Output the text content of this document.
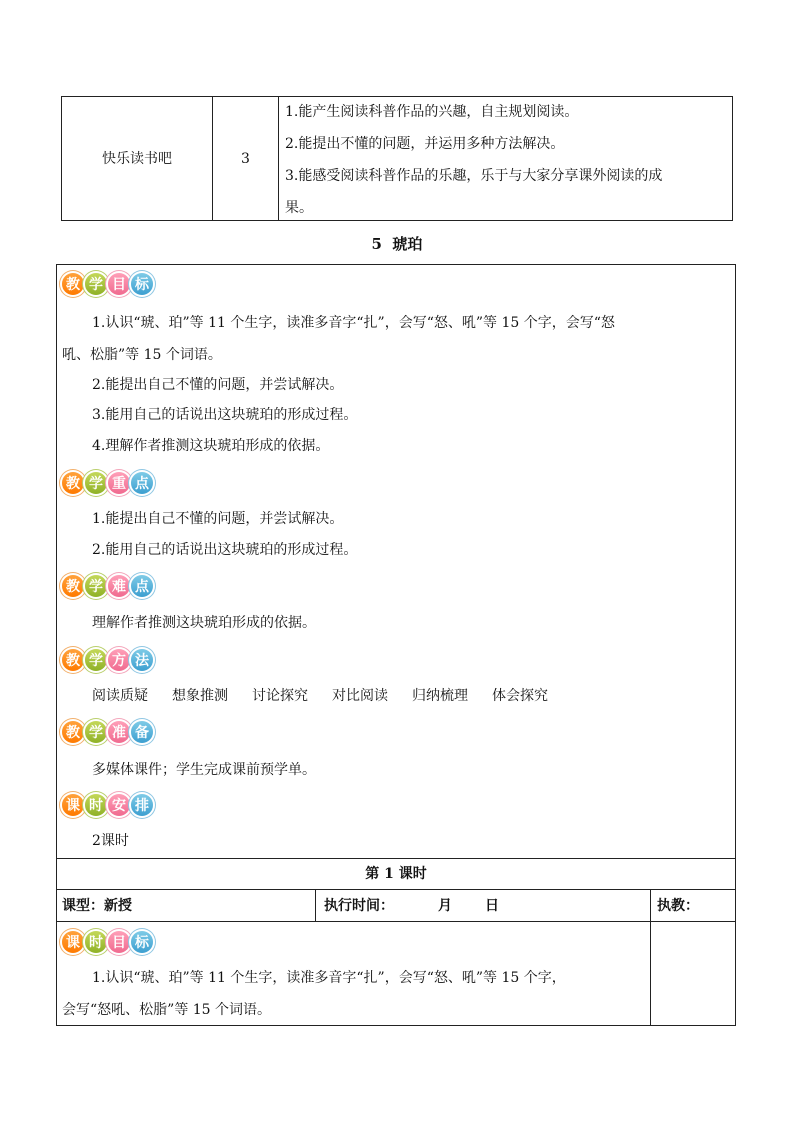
快乐读书吧	3
1.能产生阅读科普作品的兴趣，自主规划阅读。
2.能提出不懂的问题，并运用多种方法解决。
3.能感受阅读科普作品的乐趣，乐于与大家分享课外阅读的成
果。
5  琥珀
教 学 目 标
1.认识“琥、珀”等 11 个生字，读准多音字“扎”，会写“怒、吼”等 15 个字，会写“怒
吼、松脂”等 15 个词语。
2.能提出自己不懂的问题，并尝试解决。
3.能用自己的话说出这块琥珀的形成过程。
4.理解作者推测这块琥珀形成的依据。
教 学 重 点
1.能提出自己不懂的问题，并尝试解决。
2.能用自己的话说出这块琥珀的形成过程。
教 学 难 点
理解作者推测这块琥珀形成的依据。
教 学 方 法
阅读质疑 想象推测 讨论探究 对比阅读 归纳梳理 体会探究
教 学 准 备
多媒体课件；学生完成课前预学单。
课 时 安 排
2课时
第 1 课时
课型：新授	执行时间：	月 日	执教：
课 时 目 标
1.认识“琥、珀”等 11 个生字，读准多音字“扎”，会写“怒、吼”等 15 个字，
会写“怒吼、松脂”等 15 个词语。
